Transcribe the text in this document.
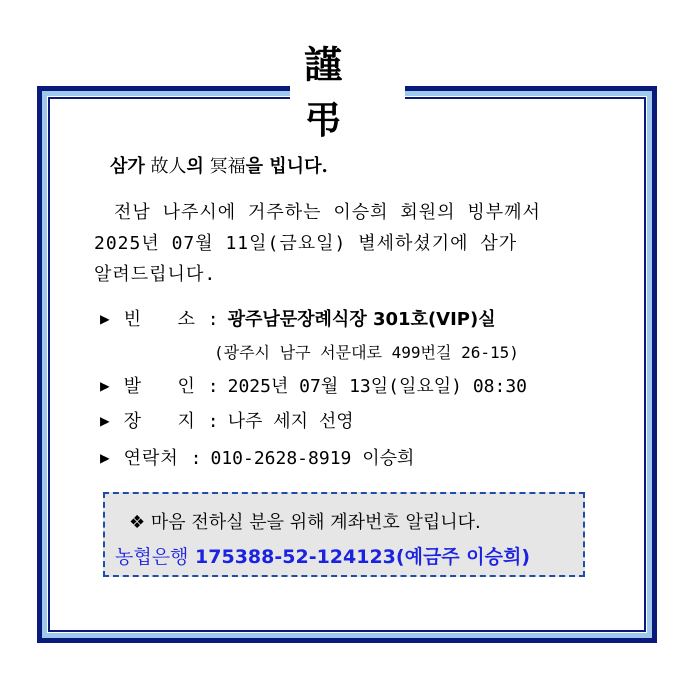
謹 弔
삼가 故人의 冥福을 빕니다.
전남 나주시에 거주하는 이승희 회원의 빙부께서
2025년 07월 11일(금요일) 별세하셨기에 삼가
알려드립니다.
▶ 빈   소 : 광주남문장례식장 301호(VIP)실
(광주시 남구 서문대로 499번길 26-15)
▶ 발   인 : 2025년 07월 13일(일요일) 08:30
▶ 장   지 : 나주 세지 선영
▶ 연락처 : 010-2628-8919 이승희
❖ 마음 전하실 분을 위해 계좌번호 알립니다.
농협은행 175388-52-124123(예금주 이승희)
